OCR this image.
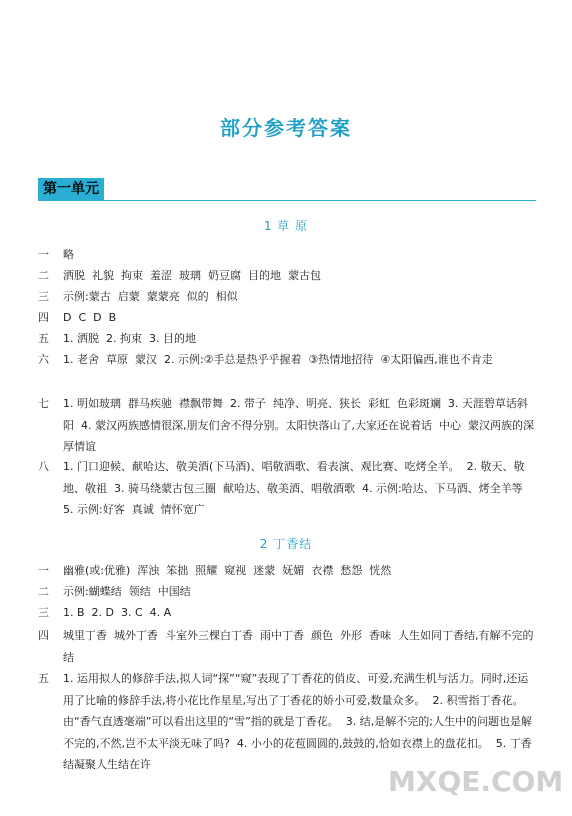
部分参考答案
第一单元
1 草 原
一	略
二	洒脱  礼貌  拘束  羞涩  玻璃  奶豆腐  目的地  蒙古包
三	示例:蒙古  启蒙  蒙蒙亮  似的  相似
四	D  C  D  B
五	1. 洒脱  2. 拘束  3. 目的地
六	1. 老舍  草原  蒙汉  2. 示例:②手总是热乎乎握着  ③热情地招待  ④太阳偏西,谁也不肯走
七	1. 明如玻璃  群马疾驰  襟飘带舞  2. 带子  纯净、明亮、狭长  彩虹  色彩斑斓  3. 天涯碧草话斜阳  4. 蒙汉两族感情很深,朋友们舍不得分别。太阳快落山了,大家还在说着话  中心  蒙汉两族的深厚情谊
八	1. 门口迎候、献哈达、敬美酒(下马酒)、唱敬酒歌、看表演、观比赛、吃烤全羊。  2. 敬天、敬地、敬祖  3. 骑马绕蒙古包三圈  献哈达、敬美酒、唱敬酒歌  4. 示例:哈达、下马酒、烤全羊等  5. 示例:好客  真诚  情怀宽广
2 丁香结
一	幽雅(或:优雅)  浑浊  笨拙  照耀  窥视  迷蒙  妩媚  衣襟  愁怨  恍然
二	示例:蝴蝶结  领结  中国结
三	1. B  2. D  3. C  4. A
四	城里丁香  城外丁香  斗室外三棵白丁香  雨中丁香  颜色  外形  香味  人生如同丁香结,有解不完的结
五	1. 运用拟人的修辞手法,拟人词“探”“窥”表现了丁香花的俏皮、可爱,充满生机与活力。同时,还运用了比喻的修辞手法,将小花比作星星,写出了丁香花的娇小可爱,数量众多。  2. 积雪指丁香花。由“香气直透毫端”可以看出这里的“雪”指的就是丁香花。  3. 结,是解不完的;人生中的问题也是解不完的,不然,岂不太平淡无味了吗?  4. 小小的花苞圆圆的,鼓鼓的,恰如衣襟上的盘花扣。  5. 丁香结凝聚人生结在许
MXQE.COM
